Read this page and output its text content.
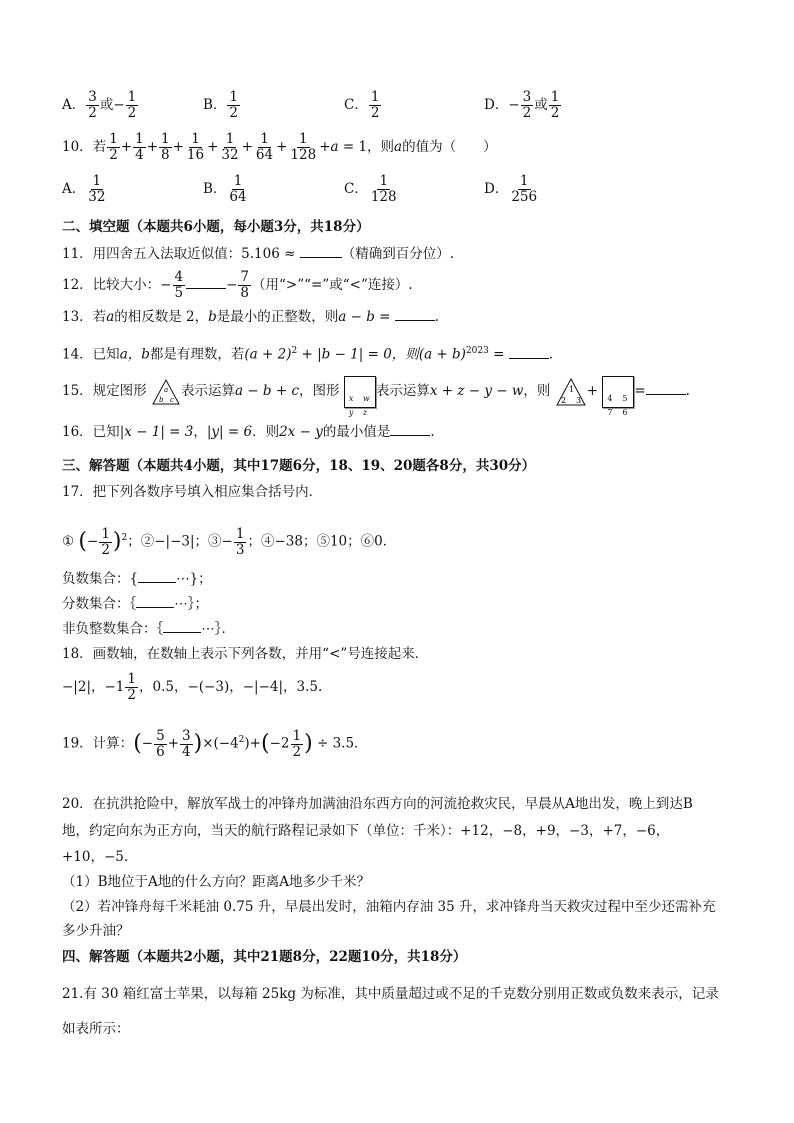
A． $\frac{3}{2}$ 或− $\frac{1}{2}$	B． $\frac{1}{2}$	C． $\frac{1}{2}$	D．− $\frac{3}{2}$ 或 $\frac{1}{2}$
10．若 $\frac{1}{2} + \frac{1}{4} + \frac{1}{8} + \frac{1}{16} + \frac{1}{32} + \frac{1}{64} + \frac{1}{128} +a = 1$，则a的值为（　　）
A． $\frac{1}{32}$	B． $\frac{1}{64}$	C． $\frac{1}{128}$	D． $\frac{1}{256}$
二、填空题（本题共6小题，每小题3分，共18分）
11．用四舍五入法取近似值：5.106 ≈	（精确到百分位）.
12．比较大小：− $\frac{4}{5}$	− $\frac{7}{8}$ （用“>”“=”或“<”连接）.
13．若a的相反数是 2，b是最小的正整数，则a − b =	.
14．已知a，b都是有理数，若$(a + 2)^2 + |b - 1| = 0$，则$(a + b)^{2023}$ =	.
15．规定图形 a
b c
表示运算a − b + c，图形 x w
y z
表示运算x + z − y − w，则 1
2 3
+ 4 5
7 6
=	.
16．已知|x − 1| = 3，|y| = 6．则2x − y的最小值是	.
三、解答题（本题共4小题，其中17题6分，18、19、20题各8分，共30分）
17．把下列各数序号填入相应集合括号内．
① (− $\frac{1}{2} )^2$；②−|−3|；③− $\frac{1}{3}$ ；④−38；⑤10；⑥0．
负数集合：{	⋯}；
分数集合：｛	⋯｝；
非负整数集合：｛	⋯｝．
18．画数轴，在数轴上表示下列各数，并用“<”号连接起来．
−|2|，$-1 \frac{1}{2}$ ，0.5，−(−3)，−|−4|，3.5.
19．计算：(− $\frac{5}{6} + \frac{3}{4} )\times(-4^2)+(-2 \frac{1}{2}$ ) ÷ 3.5．
20．在抗洪抢险中，解放军战士的冲锋舟加满油沿东西方向的河流抢救灾民，早晨从A地出发，晚上到达B
地，约定向东为正方向，当天的航行路程记录如下（单位：千米）：+12，−8，+9，−3，+7，−6，
+10，−5．
（1）B地位于A地的什么方向？距离A地多少千米？
（2）若冲锋舟每千米耗油 0.75 升，早晨出发时，油箱内存油 35 升，求冲锋舟当天救灾过程中至少还需补充
多少升油？
四、解答题（本题共2小题，其中21题8分，22题10分，共18分）
21.有 30 箱红富士苹果，以每箱 25kg 为标准，其中质量超过或不足的千克数分别用正数或负数来表示，记录
如表所示：
